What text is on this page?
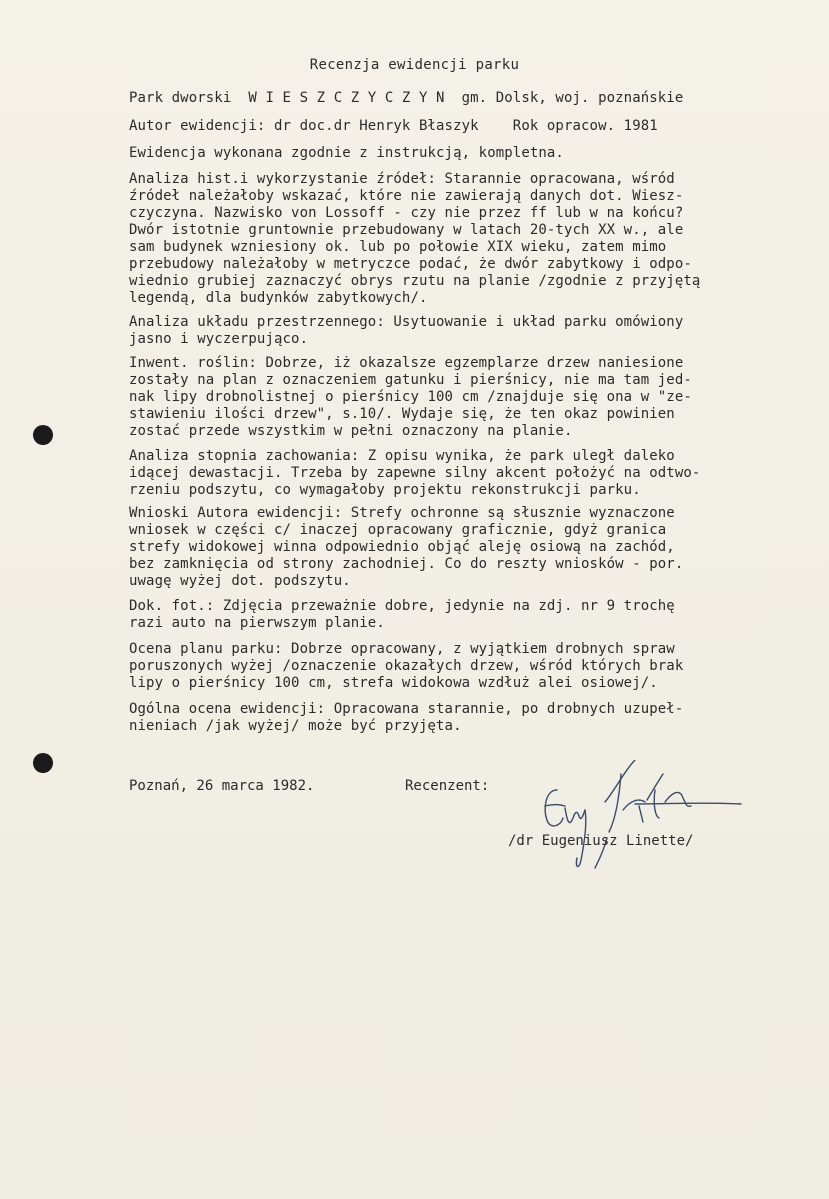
Recenzja ewidencji parku
Park dworski  W I E S Z C Z Y C Z Y N  gm. Dolsk, woj. poznańskie
Autor ewidencji: dr doc.dr Henryk Błaszyk    Rok opracow. 1981
Ewidencja wykonana zgodnie z instrukcją, kompletna.
Analiza hist.i wykorzystanie źródeł: Starannie opracowana, wśród
źródeł należałoby wskazać, które nie zawierają danych dot. Wiesz-
czyczyna. Nazwisko von Lossoff - czy nie przez ff lub w na końcu?
Dwór istotnie gruntownie przebudowany w latach 20-tych XX w., ale
sam budynek wzniesiony ok. lub po połowie XIX wieku, zatem mimo
przebudowy należałoby w metryczce podać, że dwór zabytkowy i odpo-
wiednio grubiej zaznaczyć obrys rzutu na planie /zgodnie z przyjętą
legendą, dla budynków zabytkowych/.
Analiza układu przestrzennego: Usytuowanie i układ parku omówiony
jasno i wyczerpująco.
Inwent. roślin: Dobrze, iż okazalsze egzemplarze drzew naniesione
zostały na plan z oznaczeniem gatunku i pierśnicy, nie ma tam jed-
nak lipy drobnolistnej o pierśnicy 100 cm /znajduje się ona w "ze-
stawieniu ilości drzew", s.10/. Wydaje się, że ten okaz powinien
zostać przede wszystkim w pełni oznaczony na planie.
Analiza stopnia zachowania: Z opisu wynika, że park uległ daleko
idącej dewastacji. Trzeba by zapewne silny akcent położyć na odtwo-
rzeniu podszytu, co wymagałoby projektu rekonstrukcji parku.
Wnioski Autora ewidencji: Strefy ochronne są słusznie wyznaczone
wniosek w części c/ inaczej opracowany graficznie, gdyż granica
strefy widokowej winna odpowiednio objąć aleję osiową na zachód,
bez zamknięcia od strony zachodniej. Co do reszty wniosków - por.
uwagę wyżej dot. podszytu.
Dok. fot.: Zdjęcia przeważnie dobre, jedynie na zdj. nr 9 trochę
razi auto na pierwszym planie.
Ocena planu parku: Dobrze opracowany, z wyjątkiem drobnych spraw
poruszonych wyżej /oznaczenie okazałych drzew, wśród których brak
lipy o pierśnicy 100 cm, strefa widokowa wzdłuż alei osiowej/.
Ogólna ocena ewidencji: Opracowana starannie, po drobnych uzupeł-
nieniach /jak wyżej/ może być przyjęta.
Poznań, 26 marca 1982.	Recenzent:
/dr Eugeniusz Linette/
